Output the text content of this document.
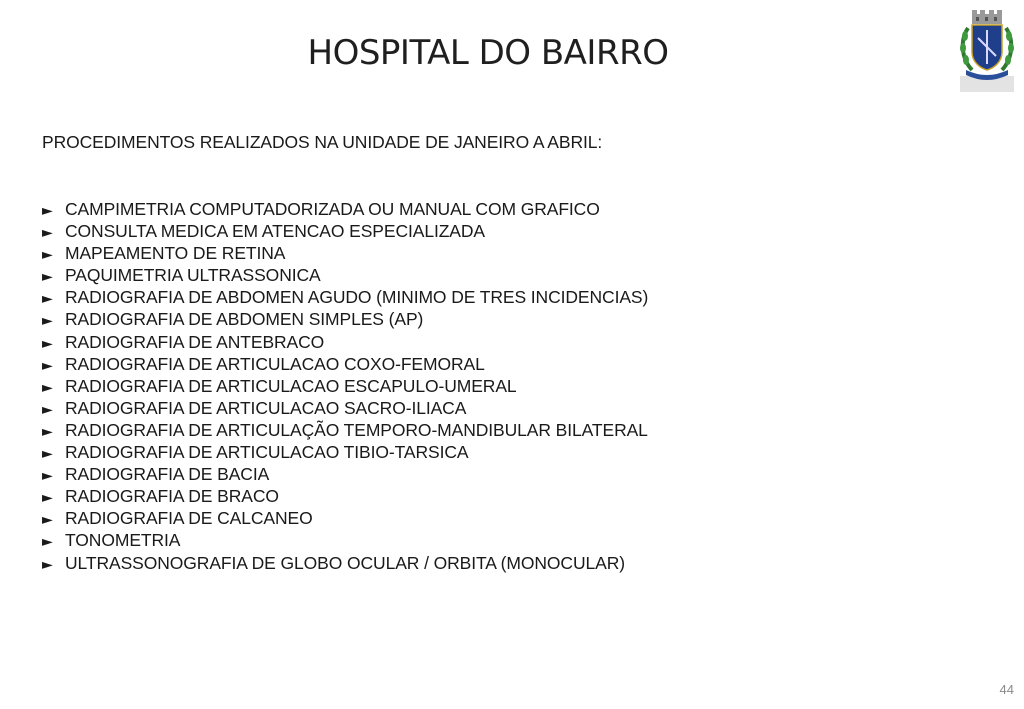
HOSPITAL DO BAIRRO
PROCEDIMENTOS REALIZADOS NA UNIDADE DE JANEIRO A ABRIL:
► CAMPIMETRIA COMPUTADORIZADA OU MANUAL COM GRAFICO
► CONSULTA MEDICA EM ATENCAO ESPECIALIZADA
► MAPEAMENTO DE RETINA
► PAQUIMETRIA ULTRASSONICA
► RADIOGRAFIA DE ABDOMEN AGUDO (MINIMO DE TRES INCIDENCIAS)
► RADIOGRAFIA DE ABDOMEN SIMPLES (AP)
► RADIOGRAFIA DE ANTEBRACO
► RADIOGRAFIA DE ARTICULACAO COXO-FEMORAL
► RADIOGRAFIA DE ARTICULACAO ESCAPULO-UMERAL
► RADIOGRAFIA DE ARTICULACAO SACRO-ILIACA
► RADIOGRAFIA DE ARTICULAÇÃO TEMPORO-MANDIBULAR BILATERAL
► RADIOGRAFIA DE ARTICULACAO TIBIO-TARSICA
► RADIOGRAFIA DE BACIA
► RADIOGRAFIA DE BRACO
► RADIOGRAFIA DE CALCANEO
► TONOMETRIA
► ULTRASSONOGRAFIA DE GLOBO OCULAR / ORBITA (MONOCULAR)
44
